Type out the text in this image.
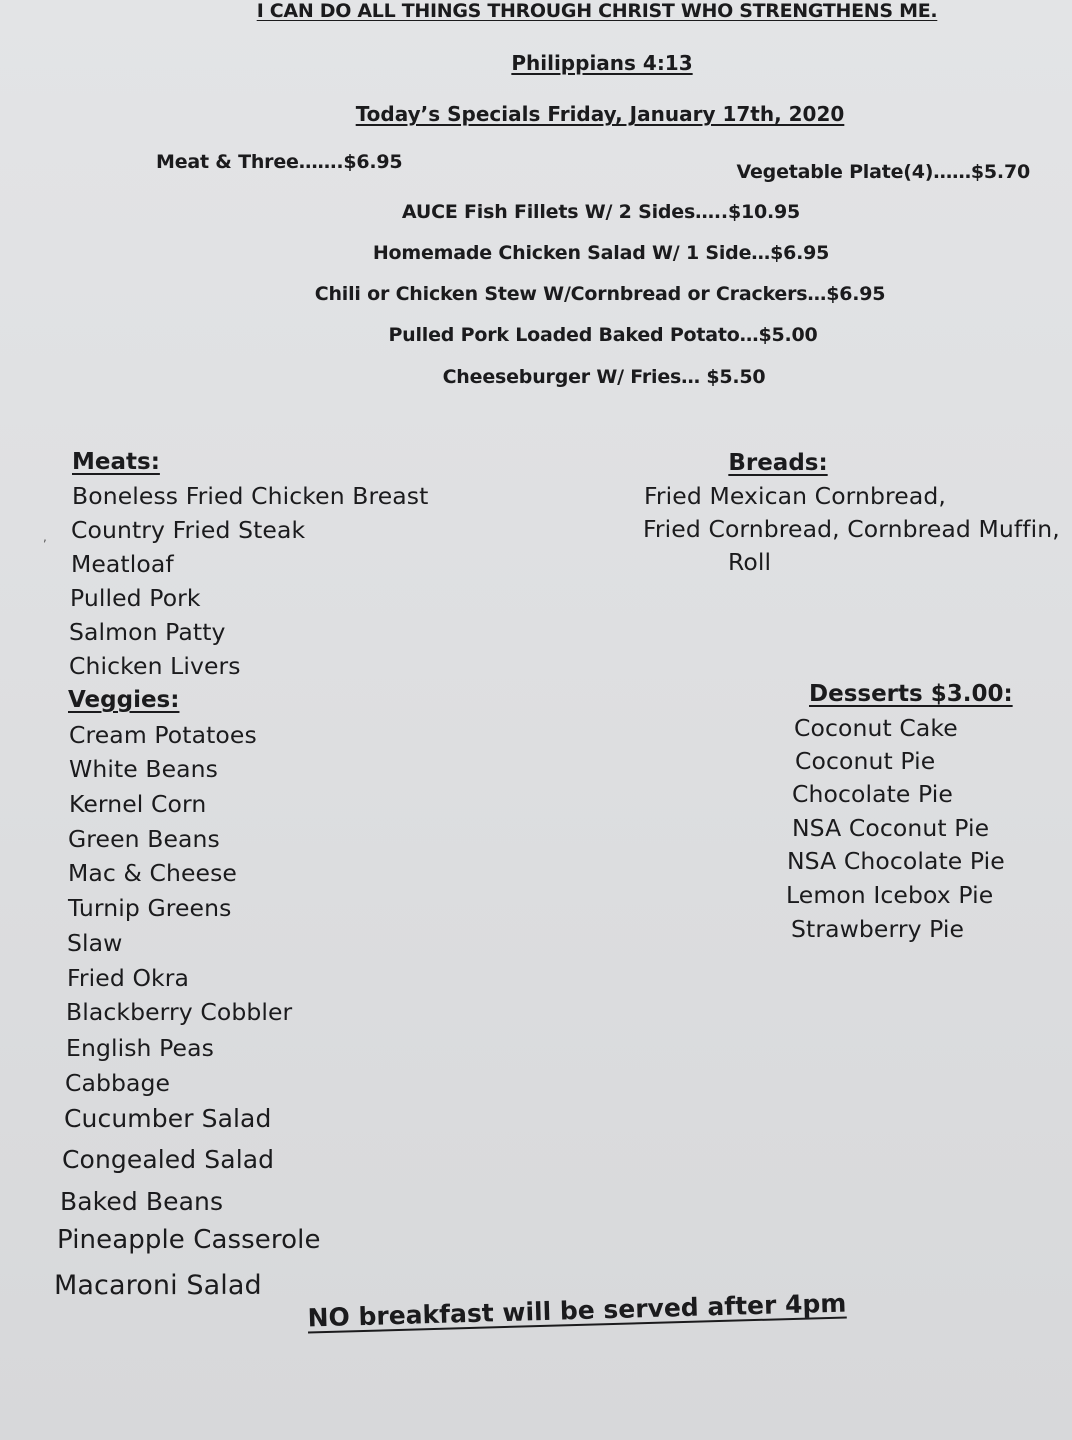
I CAN DO ALL THINGS THROUGH CHRIST WHO STRENGTHENS ME.
Philippians 4:13
Today’s Specials Friday, January 17th, 2020
Meat & Three…….$6.95	Vegetable Plate(4)……$5.70
AUCE Fish Fillets W/ 2 Sides…..$10.95
Homemade Chicken Salad W/ 1 Side…$6.95
Chili or Chicken Stew W/Cornbread or Crackers…$6.95
Pulled Pork Loaded Baked Potato…$5.00
Cheeseburger W/ Fries… $5.50
Meats:
Boneless Fried Chicken Breast
Country Fried Steak
Meatloaf
Pulled Pork
Salmon Patty
Chicken Livers
,
Veggies:
Cream Potatoes
White Beans
Kernel Corn
Green Beans
Mac & Cheese
Turnip Greens
Slaw
Fried Okra
Blackberry Cobbler
English Peas
Cabbage
Cucumber Salad
Congealed Salad
Baked Beans
Pineapple Casserole
Macaroni Salad
Breads:
Fried Mexican Cornbread,
Fried Cornbread, Cornbread Muffin,
Roll
Desserts $3.00:
Coconut Cake
Coconut Pie
Chocolate Pie
NSA Coconut Pie
NSA Chocolate Pie
Lemon Icebox Pie
Strawberry Pie
NO breakfast will be served after 4pm
